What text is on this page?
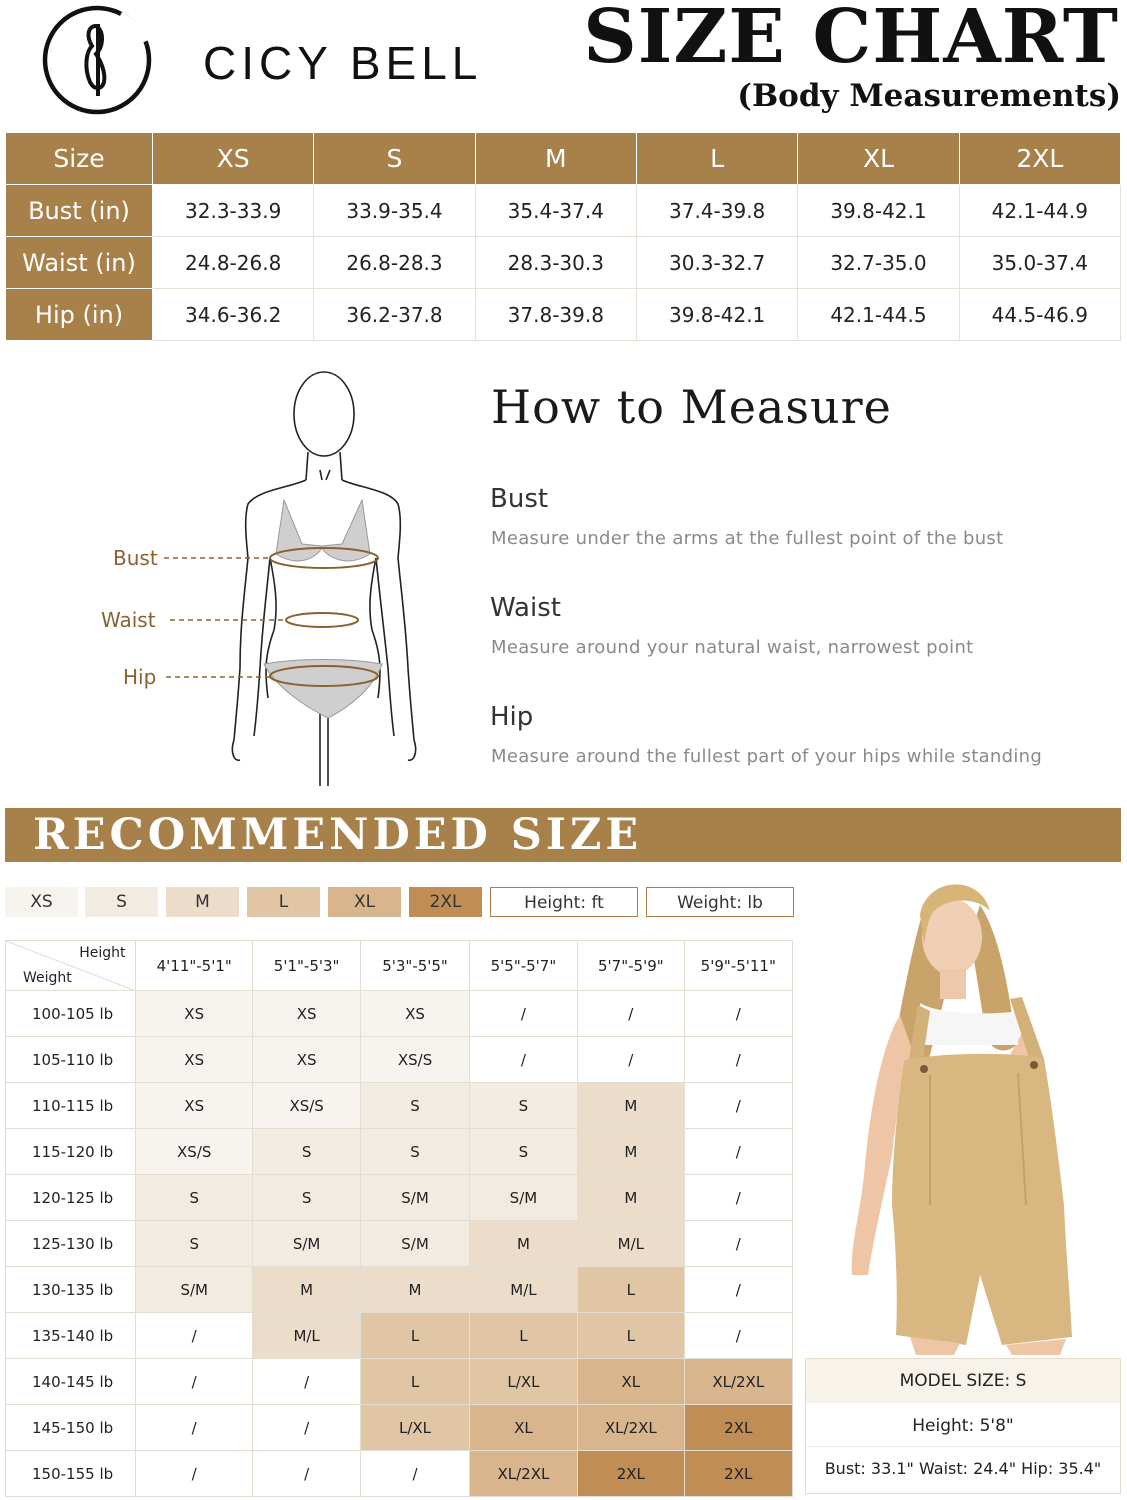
CICY BELL SIZE CHART
(Body Measurements)
Size	XS	S	M	L	XL	2XL
Bust (in)	32.3-33.9	33.9-35.4	35.4-37.4	37.4-39.8	39.8-42.1	42.1-44.9
Waist (in)	24.8-26.8	26.8-28.3	28.3-30.3	30.3-32.7	32.7-35.0	35.0-37.4
Hip (in)	34.6-36.2	36.2-37.8	37.8-39.8	39.8-42.1	42.1-44.5	44.5-46.9
Bust
Waist
Hip
How to Measure
Bust
Measure under the arms at the fullest point of the bust
Waist
Measure around your natural waist, narrowest point
Hip
Measure around the fullest part of your hips while standing
RECOMMENDED SIZE
XS	S	M	L	XL	2XL	Height: ft	Weight: lb
Height
Weight	4'11"-5'1"	5'1"-5'3"	5'3"-5'5"	5'5"-5'7"	5'7"-5'9"	5'9"-5'11"
100-105 lb	XS	XS	XS	/	/	/
105-110 lb	XS	XS	XS/S	/	/	/
110-115 lb	XS	XS/S	S	S	M	/
115-120 lb	XS/S	S	S	S	M	/
120-125 lb	S	S	S/M	S/M	M	/
125-130 lb	S	S/M	S/M	M	M/L	/
130-135 lb	S/M	M	M	M/L	L	/
135-140 lb	/	M/L	L	L	L	/
140-145 lb	/	/	L	L/XL	XL	XL/2XL
145-150 lb	/	/	L/XL	XL	XL/2XL	2XL
150-155 lb	/	/	/	XL/2XL	2XL	2XL
MODEL SIZE: S
Height: 5'8"
Bust: 33.1" Waist: 24.4" Hip: 35.4"
